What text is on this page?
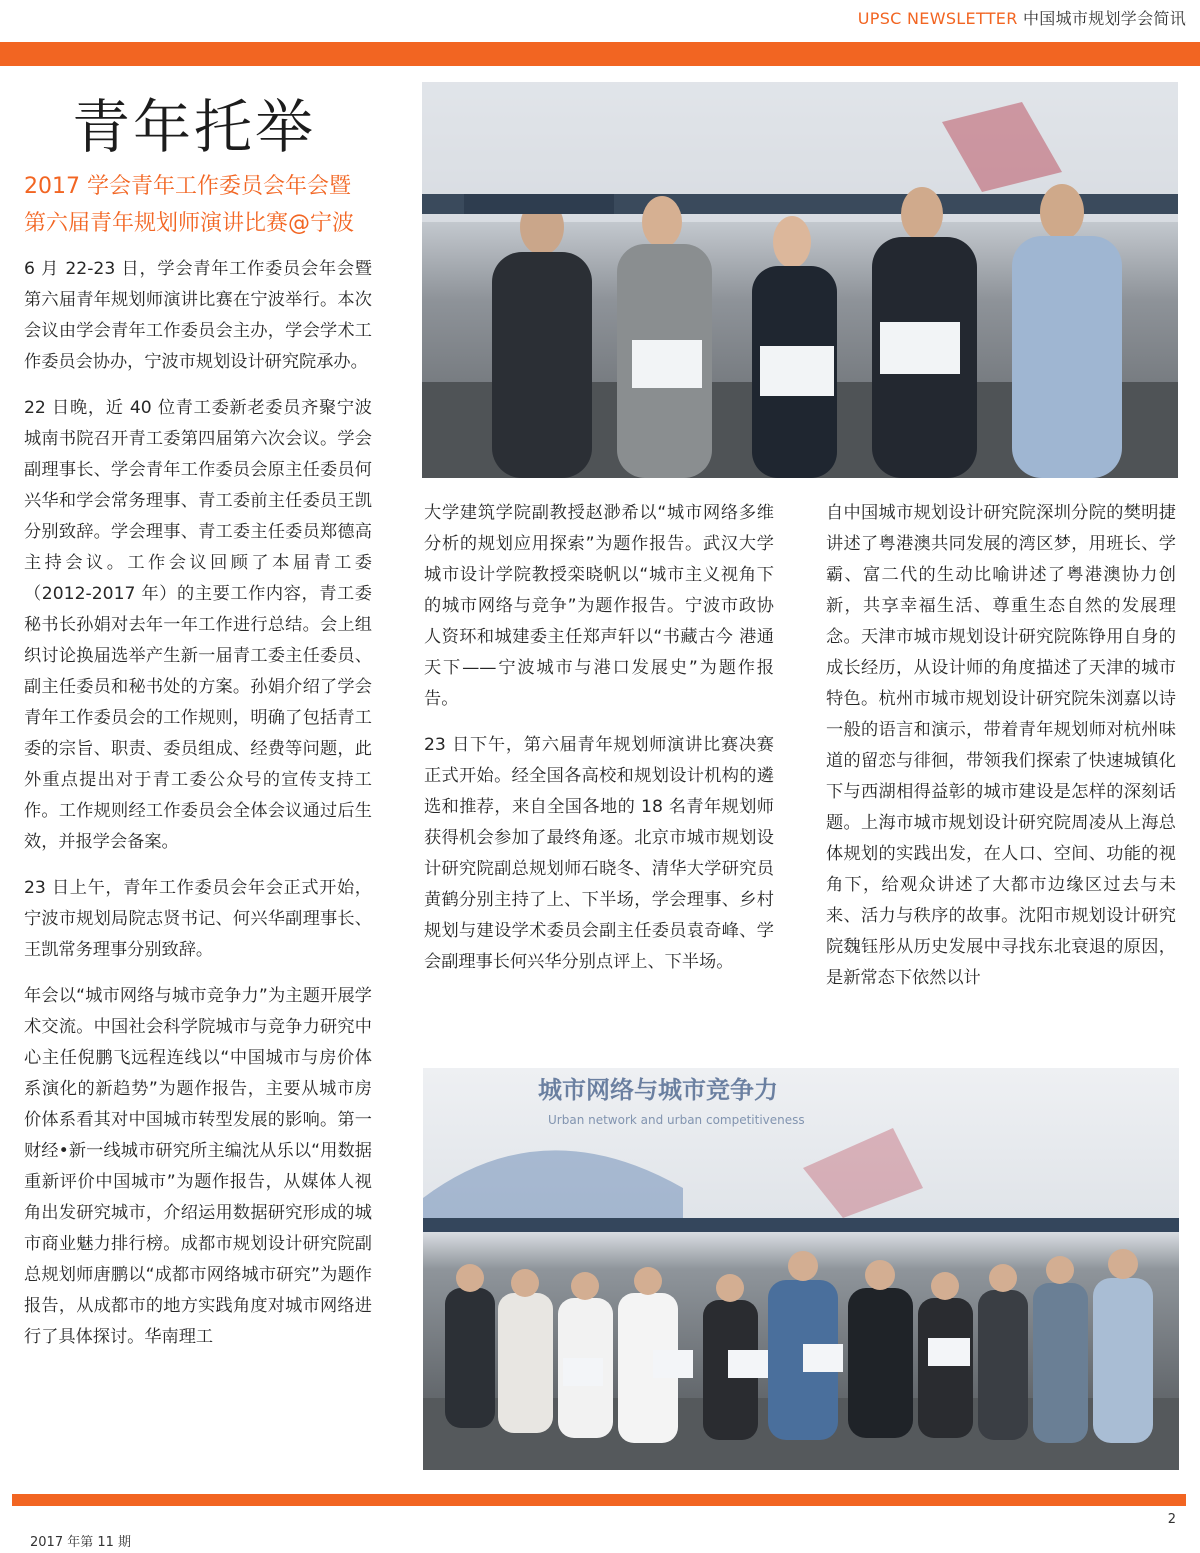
UPSC NEWSLETTER 中国城市规划学会简讯
青年托举
2017 学会青年工作委员会年会暨
第六届青年规划师演讲比赛@宁波

6 月 22-23 日，学会青年工作委员会年会暨第六届青年规划师演讲比赛在宁波举行。本次会议由学会青年工作委员会主办，学会学术工作委员会协办，宁波市规划设计研究院承办。

22 日晚，近 40 位青工委新老委员齐聚宁波城南书院召开青工委第四届第六次会议。学会副理事长、学会青年工作委员会原主任委员何兴华和学会常务理事、青工委前主任委员王凯分别致辞。学会理事、青工委主任委员郑德高主持会议。工作会议回顾了本届青工委（2012-2017 年）的主要工作内容，青工委秘书长孙娟对去年一年工作进行总结。会上组织讨论换届选举产生新一届青工委主任委员、副主任委员和秘书处的方案。孙娟介绍了学会青年工作委员会的工作规则，明确了包括青工委的宗旨、职责、委员组成、经费等问题，此外重点提出对于青工委公众号的宣传支持工作。工作规则经工作委员会全体会议通过后生效，并报学会备案。

23 日上午，青年工作委员会年会正式开始，宁波市规划局院志贤书记、何兴华副理事长、王凯常务理事分别致辞。

年会以“城市网络与城市竞争力”为主题开展学术交流。中国社会科学院城市与竞争力研究中心主任倪鹏飞远程连线以“中国城市与房价体系演化的新趋势”为题作报告，主要从城市房价体系看其对中国城市转型发展的影响。第一财经•新一线城市研究所主编沈从乐以“用数据重新评价中国城市”为题作报告，从媒体人视角出发研究城市，介绍运用数据研究形成的城市商业魅力排行榜。成都市规划设计研究院副总规划师唐鹏以“成都市网络城市研究”为题作报告，从成都市的地方实践角度对城市网络进行了具体探讨。华南理工

大学建筑学院副教授赵渺希以“城市网络多维分析的规划应用探索”为题作报告。武汉大学城市设计学院教授栾晓帆以“城市主义视角下的城市网络与竞争”为题作报告。宁波市政协人资环和城建委主任郑声轩以“书藏古今 港通天下——宁波城市与港口发展史”为题作报告。

23 日下午，第六届青年规划师演讲比赛决赛正式开始。经全国各高校和规划设计机构的遴选和推荐，来自全国各地的 18 名青年规划师获得机会参加了最终角逐。北京市城市规划设计研究院副总规划师石晓冬、清华大学研究员黄鹤分别主持了上、下半场，学会理事、乡村规划与建设学术委员会副主任委员袁奇峰、学会副理事长何兴华分别点评上、下半场。

自中国城市规划设计研究院深圳分院的樊明捷讲述了粤港澳共同发展的湾区梦，用班长、学霸、富二代的生动比喻讲述了粤港澳协力创新，共享幸福生活、尊重生态自然的发展理念。天津市城市规划设计研究院陈铮用自身的成长经历，从设计师的角度描述了天津的城市特色。杭州市城市规划设计研究院朱浏嘉以诗一般的语言和演示，带着青年规划师对杭州味道的留恋与徘徊，带领我们探索了快速城镇化下与西湖相得益彰的城市建设是怎样的深刻话题。上海市城市规划设计研究院周凌从上海总体规划的实践出发，在人口、空间、功能的视角下，给观众讲述了大都市边缘区过去与未来、活力与秩序的故事。沈阳市规划设计研究院魏钰彤从历史发展中寻找东北衰退的原因，是新常态下依然以计

城市网络与城市竞争力
Urban network and urban competitiveness
2017 年第 11 期
2
